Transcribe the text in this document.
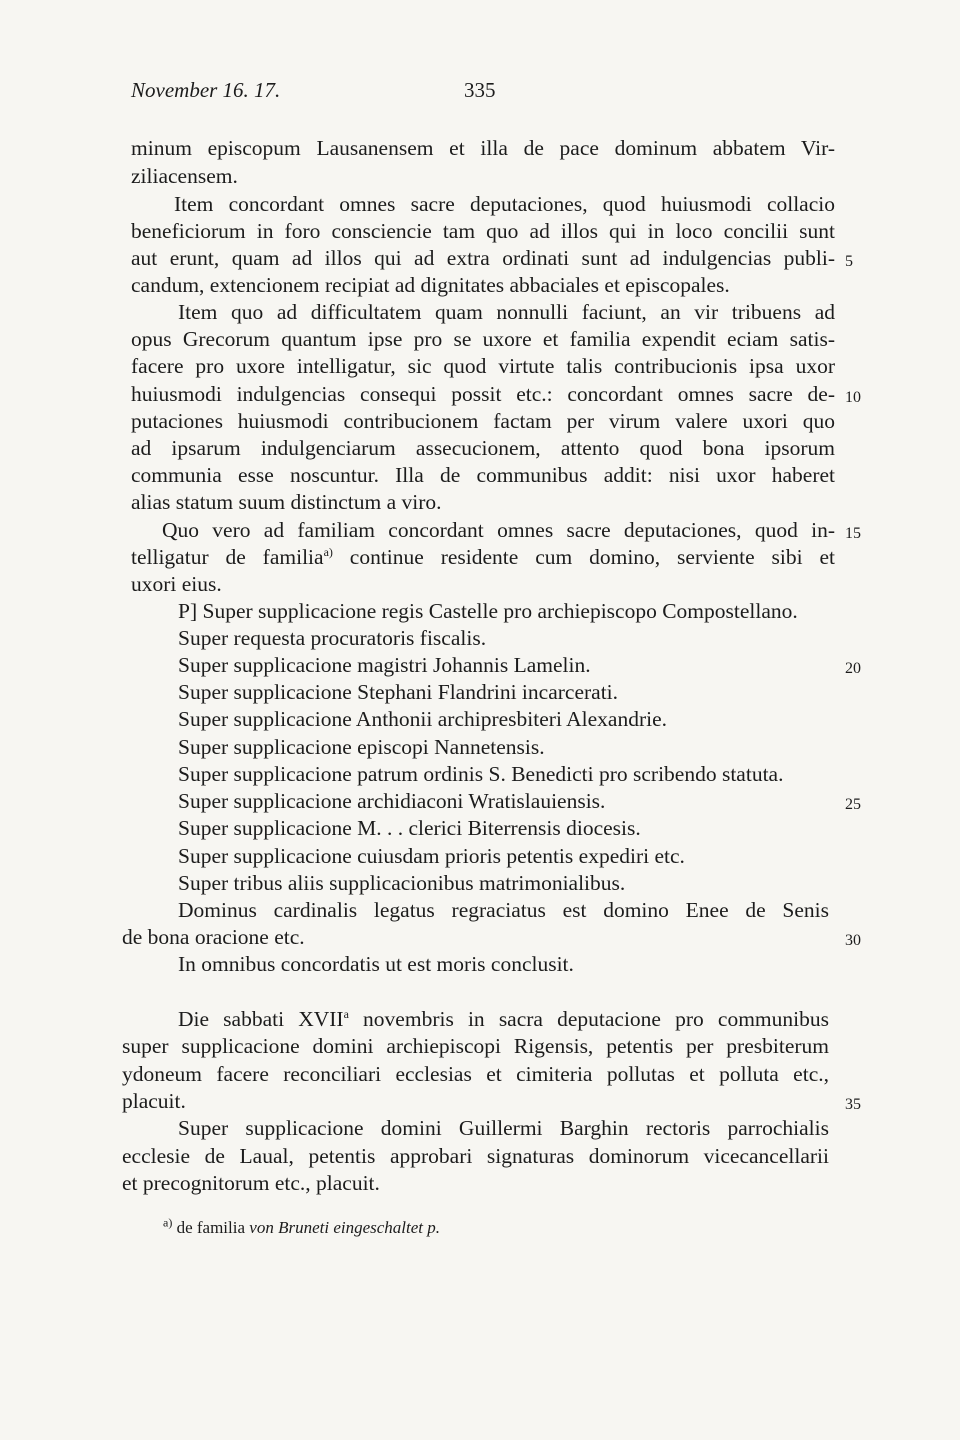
November 16. 17.	335
minum episcopum Lausanensem et illa de pace dominum abbatem Vir-
ziliacensem.
Item concordant omnes sacre deputaciones, quod huiusmodi collacio
beneficiorum in foro consciencie tam quo ad illos qui in loco concilii sunt
aut erunt, quam ad illos qui ad extra ordinati sunt ad indulgencias publi-
candum, extencionem recipiat ad dignitates abbaciales et episcopales.
Item quo ad difficultatem quam nonnulli faciunt, an vir tribuens ad
opus Grecorum quantum ipse pro se uxore et familia expendit eciam satis-
facere pro uxore intelligatur, sic quod virtute talis contribucionis ipsa uxor
huiusmodi indulgencias consequi possit etc.: concordant omnes sacre de-
putaciones huiusmodi contribucionem factam per virum valere uxori quo
ad ipsarum indulgenciarum assecucionem, attento quod bona ipsorum
communia esse noscuntur. Illa de communibus addit: nisi uxor haberet
alias statum suum distinctum a viro.
Quo vero ad familiam concordant omnes sacre deputaciones, quod in-
telligatur de familia$^{a)}$ continue residente cum domino, serviente sibi et
uxori eius.
P] Super supplicacione regis Castelle pro archiepiscopo Compostellano.
Super requesta procuratoris fiscalis.
Super supplicacione magistri Johannis Lamelin.
Super supplicacione Stephani Flandrini incarcerati.
Super supplicacione Anthonii archipresbiteri Alexandrie.
Super supplicacione episcopi Nannetensis.
Super supplicacione patrum ordinis S. Benedicti pro scribendo statuta.
Super supplicacione archidiaconi Wratislauiensis.
Super supplicacione M. . . clerici Biterrensis diocesis.
Super supplicacione cuiusdam prioris petentis expediri etc.
Super tribus aliis supplicacionibus matrimonialibus.
Dominus cardinalis legatus regraciatus est domino Enee de Senis
de bona oracione etc.
In omnibus concordatis ut est moris conclusit.
Die sabbati XVII$^a$ novembris in sacra deputacione pro communibus
super supplicacione domini archiepiscopi Rigensis, petentis per presbiterum
ydoneum facere reconciliari ecclesias et cimiteria pollutas et polluta etc.,
placuit.
Super supplicacione domini Guillermi Barghin rectoris parrochialis
ecclesie de Laual, petentis approbari signaturas dominorum vicecancellarii
et precognitorum etc., placuit.
5
10
15
20
25
30
35
$^{a)}$ de familia von Bruneti eingeschaltet p.
